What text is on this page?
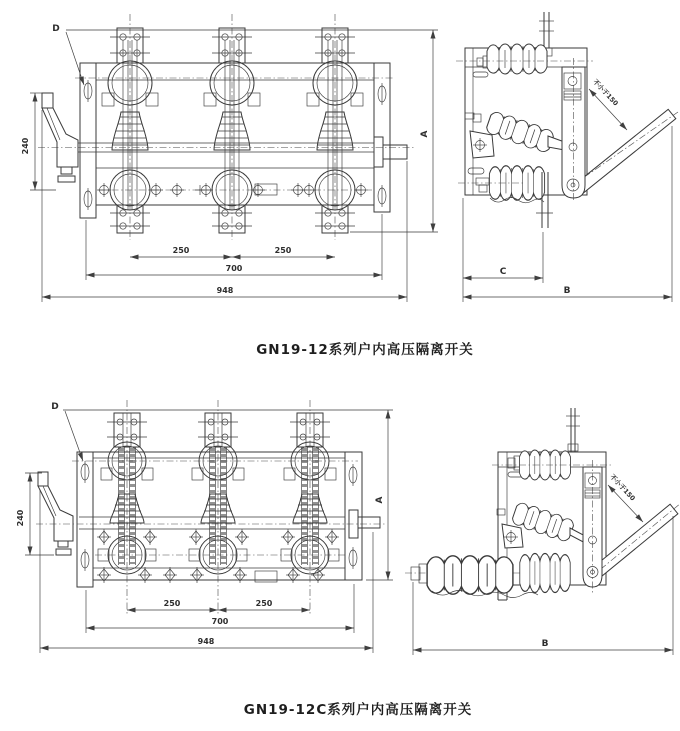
240
A
D
250	250
700
948
不小于150
C
B
240
A
D
250	250
700
948
不小于150
B
GN19-12系列户内高压隔离开关
GN19-12C系列户内高压隔离开关
